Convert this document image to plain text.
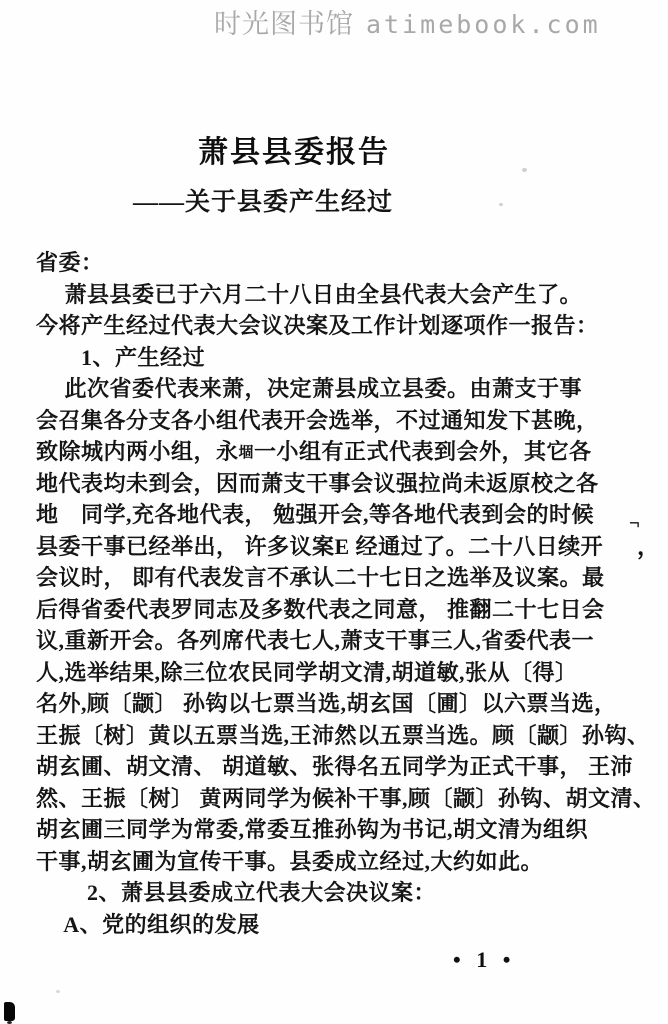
时光图书馆 atimebook.com
萧县县委报告
——关于县委产生经过
省委：
　 萧县县委已于六月二十八日由全县代表大会产生了。
今将产生经过代表大会议决案及工作计划逐项作一报告：
　　1、产生经过
　 此次省委代表来萧，决定萧县成立县委。由萧支于事
会召集各分支各小组代表开会选举，不过通知发下甚晚，
致除城内两小组，永堌一小组有正式代表到会外，其它各
地代表均未到会，因而萧支干事会议强拉尚未返原校之各
地　同学,充各地代表， 勉强开会,等各地代表到会的时候
县委干事已经举出， 许多议案E 经通过了。二十八日续开
会议时， 即有代表发言不承认二十七日之选举及议案。最
后得省委代表罗同志及多数代表之同意， 推翻二十七日会
议,重新开会。各列席代表七人,萧支干事三人,省委代表一
人,选举结果,除三位农民同学胡文清,胡道敏,张从〔得〕
名外,顾〔颛〕 孙钩以七票当选,胡玄国〔圃〕以六票当选，
王振〔树〕黄以五票当选,王沛然以五票当选。顾〔颛〕孙钩、
胡玄圃、胡文清、 胡道敏、张得名五同学为正式干事， 王沛
然、王振〔树〕 黄两同学为候补干事,顾〔颛〕孙钩、胡文清、
胡玄圃三同学为常委,常委互推孙钩为书记,胡文清为组织
干事,胡玄圃为宣传干事。县委成立经过,大约如此。
　　 2、萧县县委成立代表大会决议案：
　 A、党的组织的发展
¬
，
• 1 •
